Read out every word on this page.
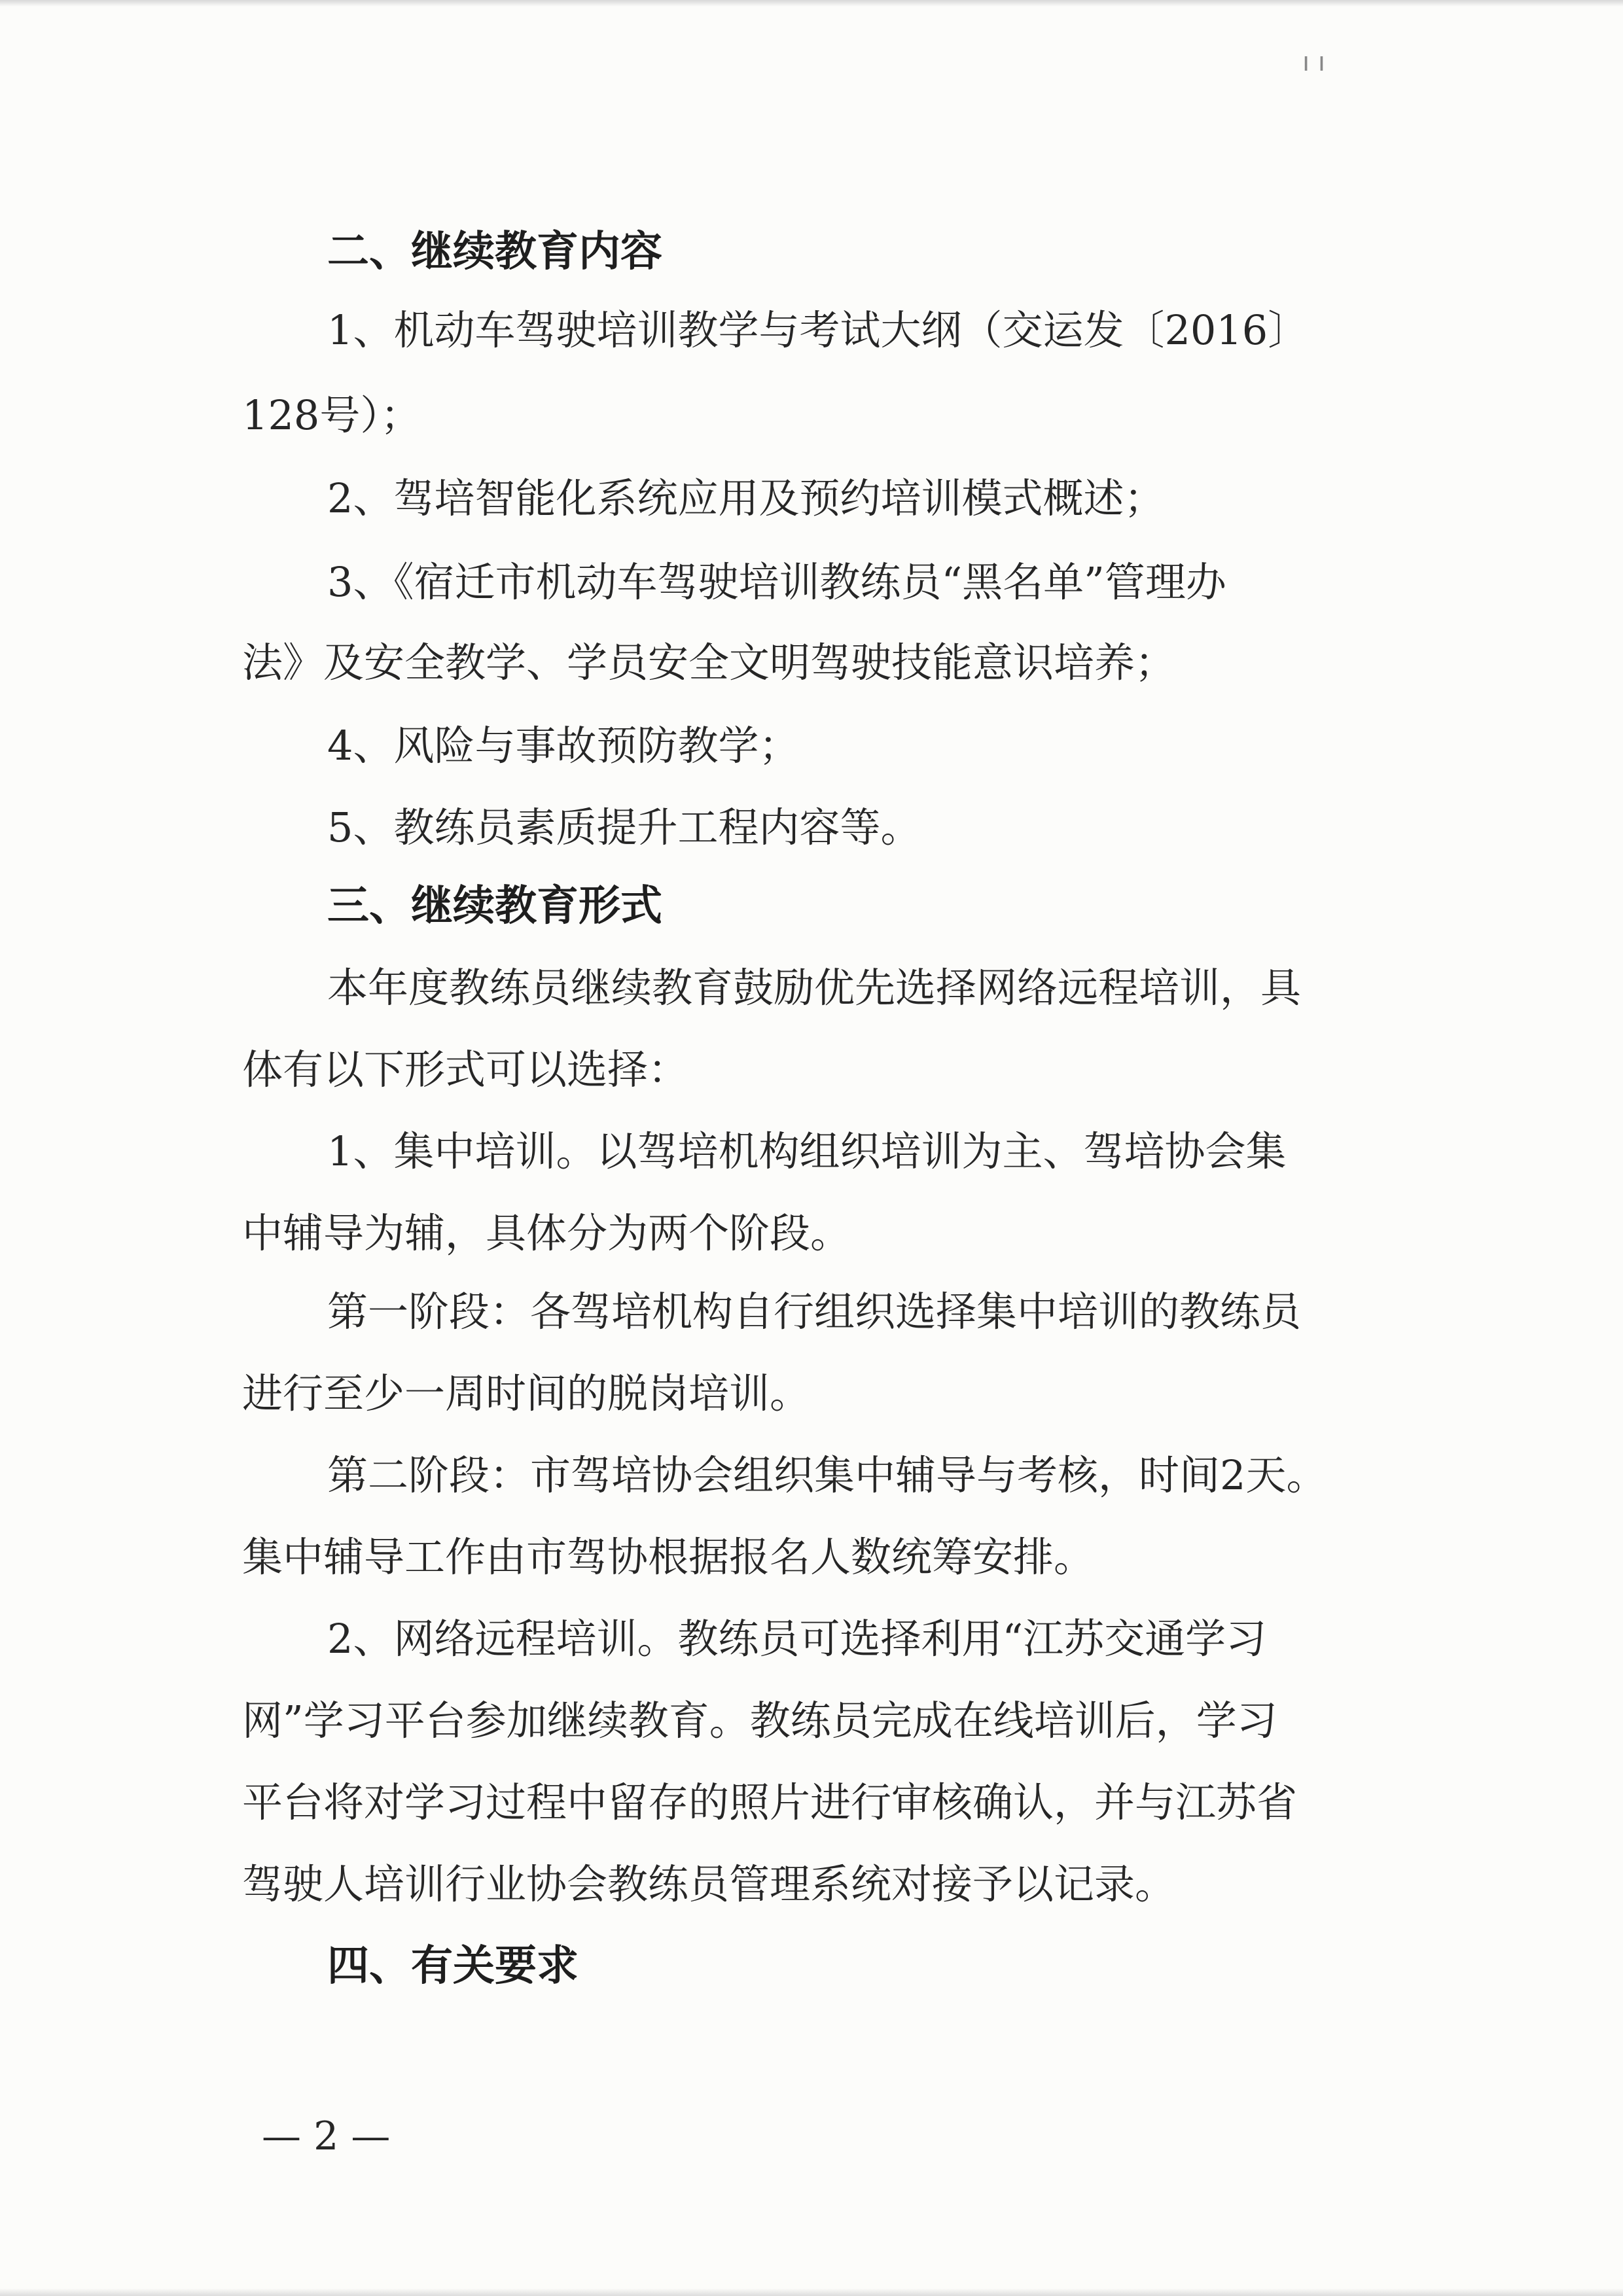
ı ı
二、继续教育内容
1、机动车驾驶培训教学与考试大纲（交运发〔2016〕
128号）；
2、驾培智能化系统应用及预约培训模式概述；
3、《宿迁市机动车驾驶培训教练员“黑名单”管理办
法》及安全教学、学员安全文明驾驶技能意识培养；
4、风险与事故预防教学；
5、教练员素质提升工程内容等。
三、继续教育形式
本年度教练员继续教育鼓励优先选择网络远程培训，具
体有以下形式可以选择：
1、集中培训。以驾培机构组织培训为主、驾培协会集
中辅导为辅，具体分为两个阶段。
第一阶段：各驾培机构自行组织选择集中培训的教练员
进行至少一周时间的脱岗培训。
第二阶段：市驾培协会组织集中辅导与考核，时间2天。
集中辅导工作由市驾协根据报名人数统筹安排。
2、网络远程培训。教练员可选择利用“江苏交通学习
网”学习平台参加继续教育。教练员完成在线培训后，学习
平台将对学习过程中留存的照片进行审核确认，并与江苏省
驾驶人培训行业协会教练员管理系统对接予以记录。
四、有关要求
— 2 —
